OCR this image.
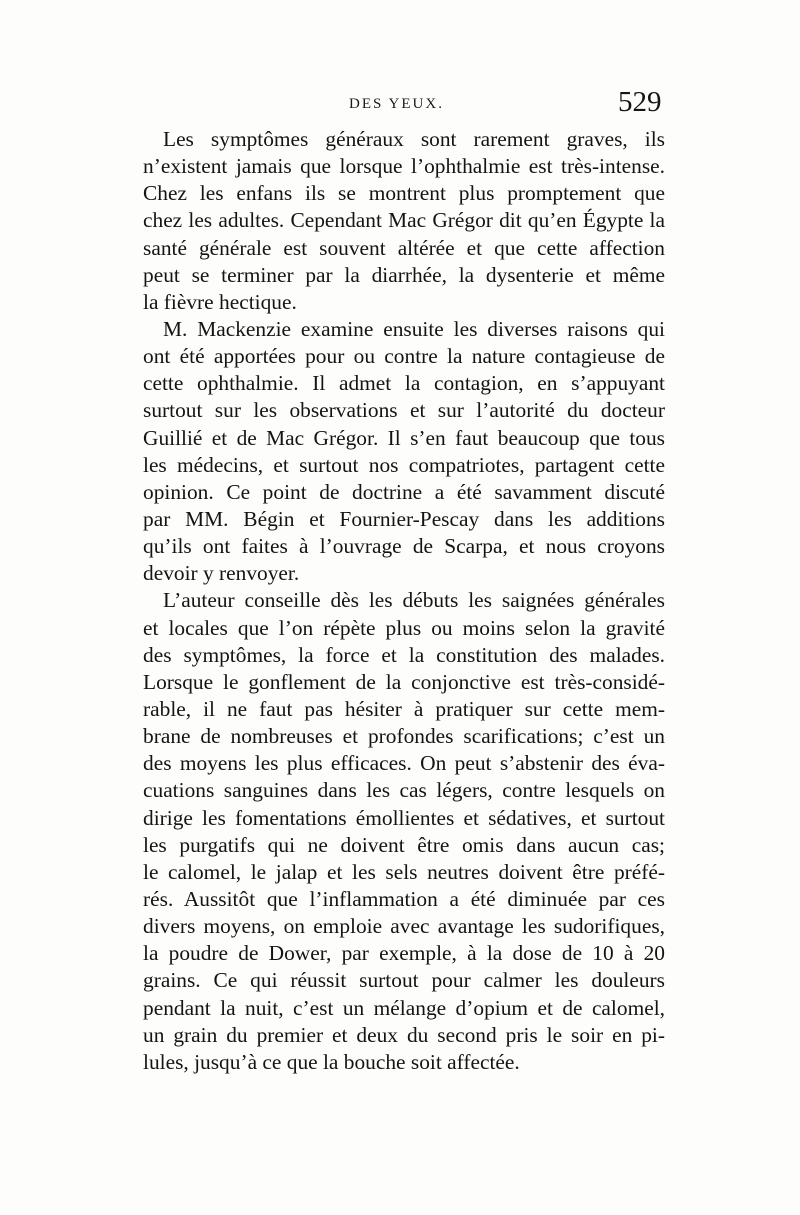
DES YEUX.	529
Les symptômes généraux sont rarement graves, ils
n’existent jamais que lorsque l’ophthalmie est très-intense.
Chez les enfans ils se montrent plus promptement que
chez les adultes. Cependant Mac Grégor dit qu’en Égypte la
santé générale est souvent altérée et que cette affection
peut se terminer par la diarrhée, la dysenterie et même
la fièvre hectique.
M. Mackenzie examine ensuite les diverses raisons qui
ont été apportées pour ou contre la nature contagieuse de
cette ophthalmie. Il admet la contagion, en s’appuyant
surtout sur les observations et sur l’autorité du docteur
Guillié et de Mac Grégor. Il s’en faut beaucoup que tous
les médecins, et surtout nos compatriotes, partagent cette
opinion. Ce point de doctrine a été savamment discuté
par MM. Bégin et Fournier-Pescay dans les additions
qu’ils ont faites à l’ouvrage de Scarpa, et nous croyons
devoir y renvoyer.
L’auteur conseille dès les débuts les saignées générales
et locales que l’on répète plus ou moins selon la gravité
des symptômes, la force et la constitution des malades.
Lorsque le gonflement de la conjonctive est très-considé-
rable, il ne faut pas hésiter à pratiquer sur cette mem-
brane de nombreuses et profondes scarifications; c’est un
des moyens les plus efficaces. On peut s’abstenir des éva-
cuations sanguines dans les cas légers, contre lesquels on
dirige les fomentations émollientes et sédatives, et surtout
les purgatifs qui ne doivent être omis dans aucun cas;
le calomel, le jalap et les sels neutres doivent être préfé-
rés. Aussitôt que l’inflammation a été diminuée par ces
divers moyens, on emploie avec avantage les sudorifiques,
la poudre de Dower, par exemple, à la dose de 10 à 20
grains. Ce qui réussit surtout pour calmer les douleurs
pendant la nuit, c’est un mélange d’opium et de calomel,
un grain du premier et deux du second pris le soir en pi-
lules, jusqu’à ce que la bouche soit affectée.
